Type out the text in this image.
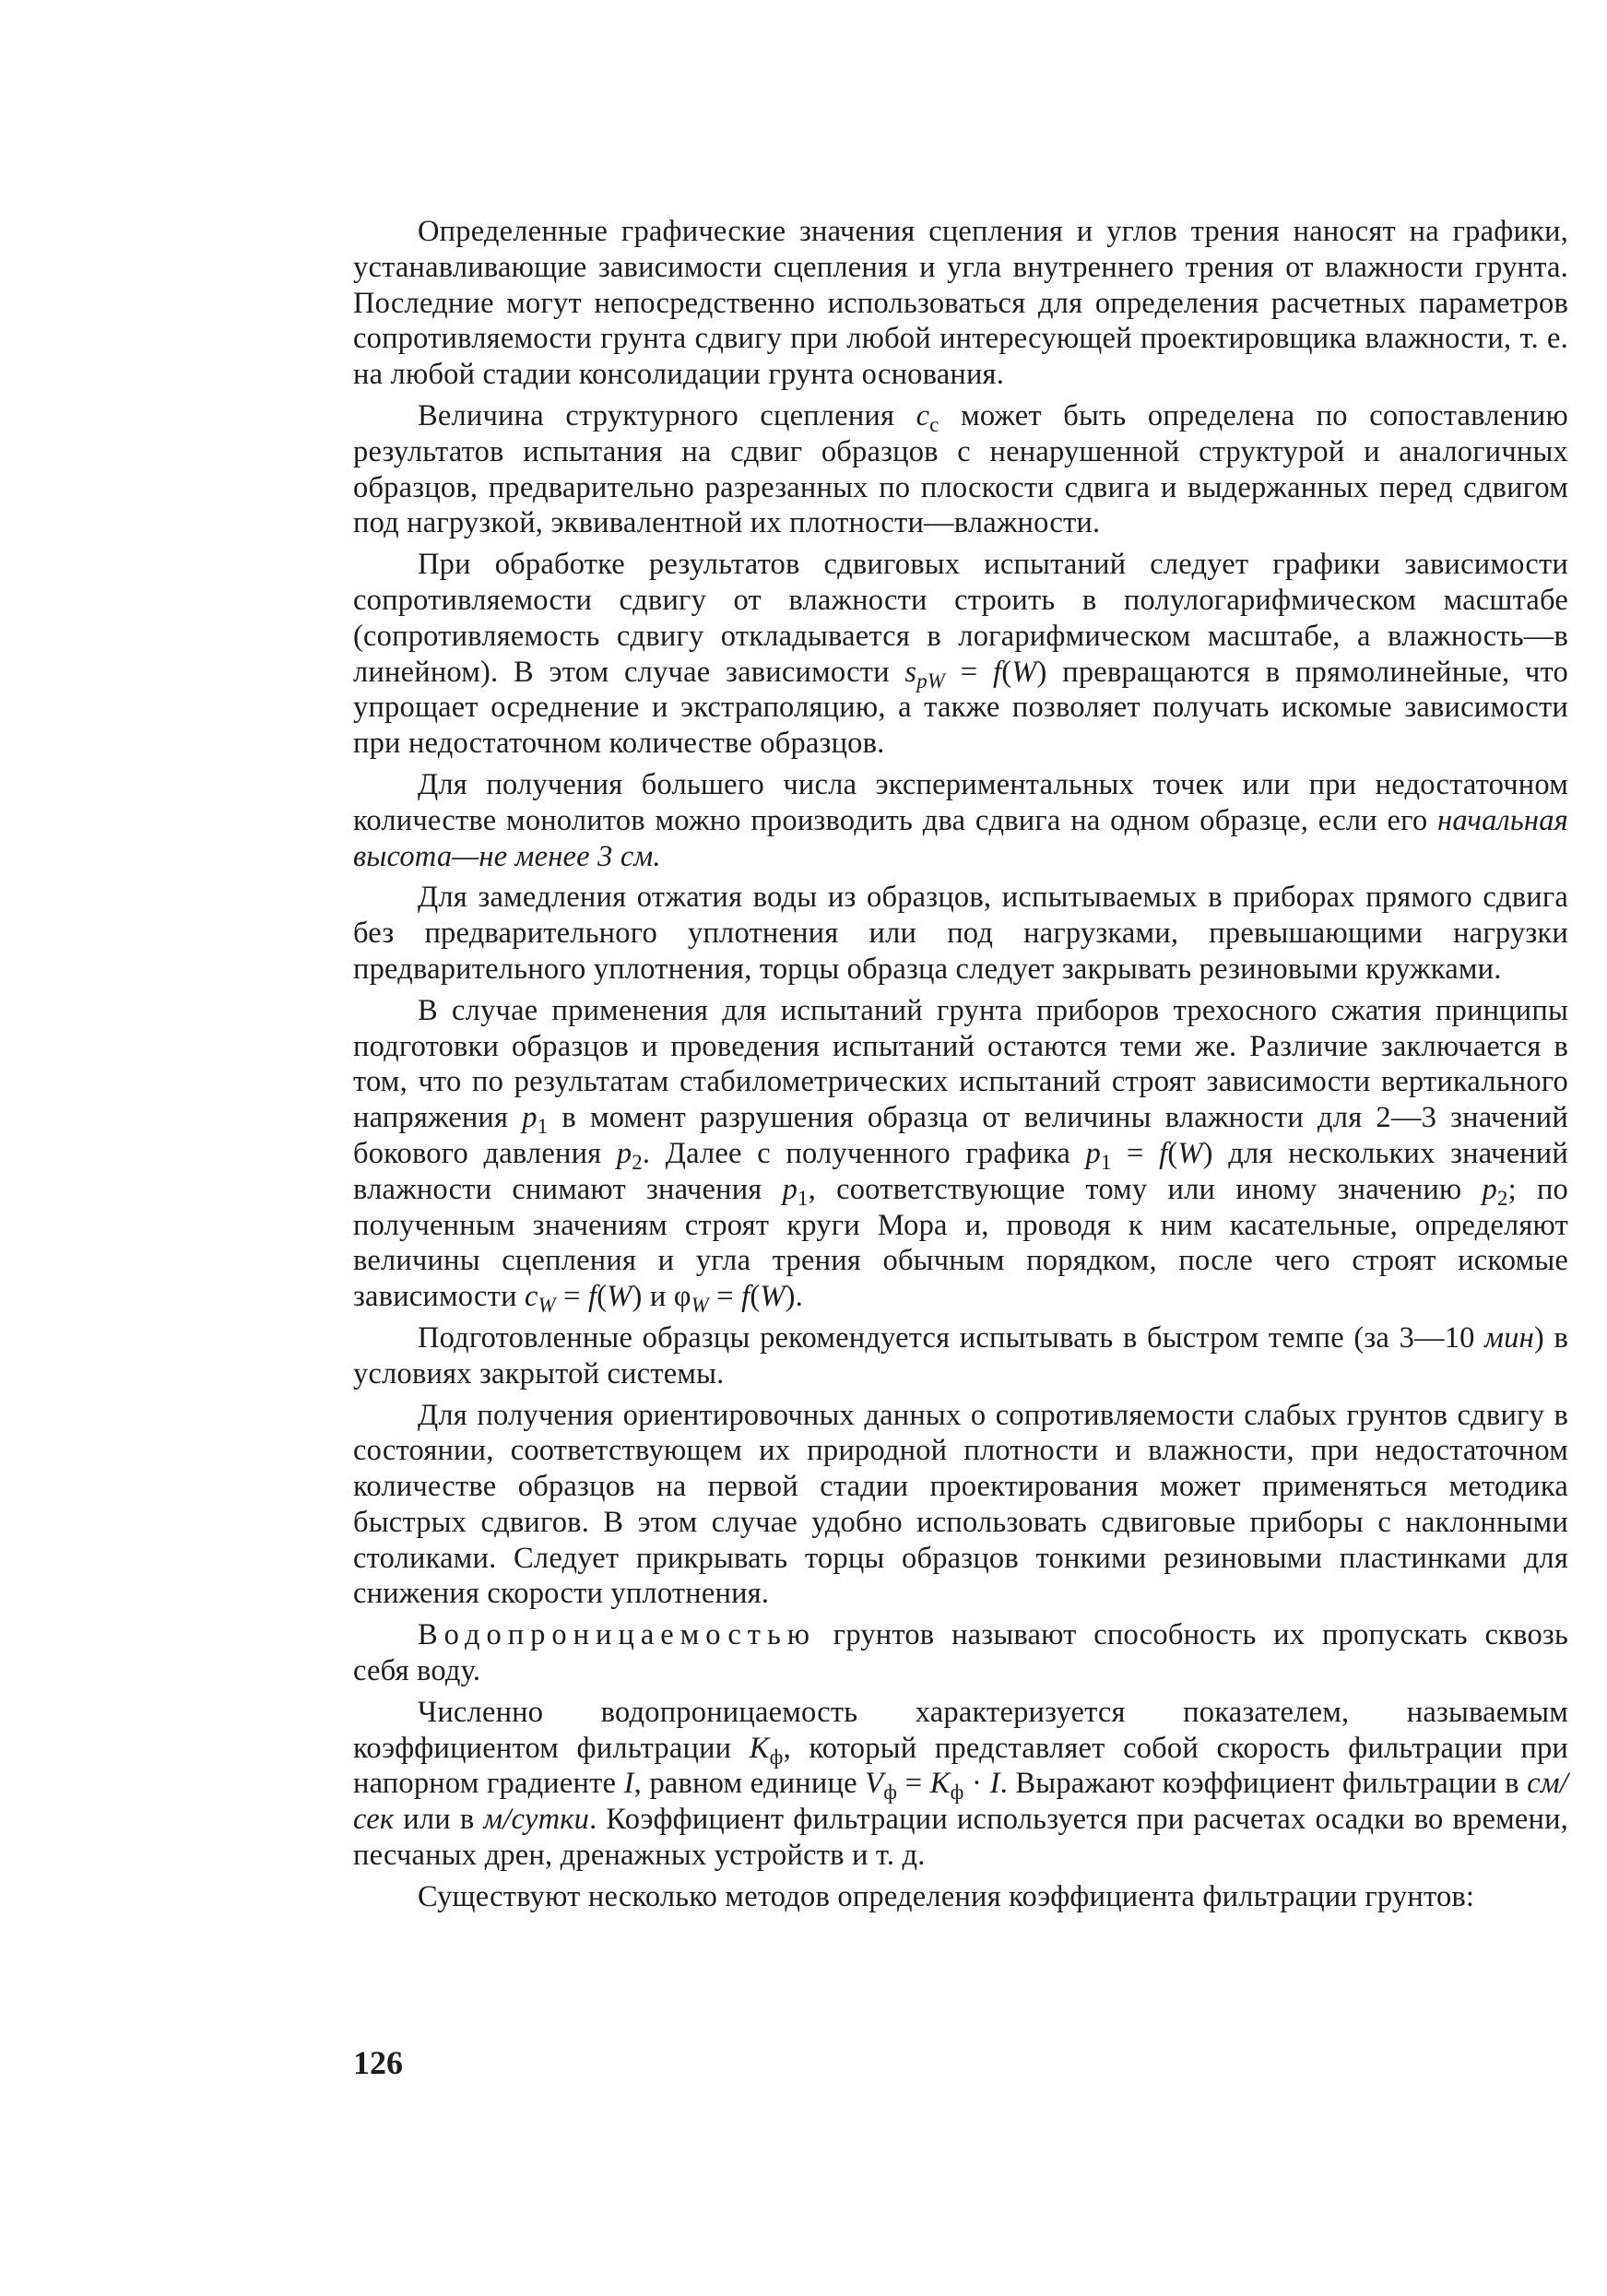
Определенные графические значения сцепления и углов трения наносят на графики, устанавливающие зависимости сцепления и угла внутреннего трения от влажности грунта. Последние могут непосредственно использоваться для определения расчетных параметров сопротивляемости грунта сдвигу при любой интересующей проектировщика влажности, т. е. на любой стадии консолидации грунта основания.

Величина структурного сцепления $c_c$ может быть определена по сопоставлению результатов испытания на сдвиг образцов с ненарушенной структурой и аналогичных образцов, предварительно разрезанных по плоскости сдвига и выдержанных перед сдвигом под нагрузкой, эквивалентной их плотности—влажности.

При обработке результатов сдвиговых испытаний следует графики зависимости сопротивляемости сдвигу от влажности строить в полулогарифмическом масштабе (сопротивляемость сдвигу откладывается в логарифмическом масштабе, а влажность—в линейном). В этом случае зависимости $s_{pW} = f(W)$ превращаются в прямолинейные, что упрощает осреднение и экстраполяцию, а также позволяет получать искомые зависимости при недостаточном количестве образцов.

Для получения большего числа экспериментальных точек или при недостаточном количестве монолитов можно производить два сдвига на одном образце, если его начальная высота—не менее 3 см.

Для замедления отжатия воды из образцов, испытываемых в приборах прямого сдвига без предварительного уплотнения или под нагрузками, превышающими нагрузки предварительного уплотнения, торцы образца следует закрывать резиновыми кружками.

В случае применения для испытаний грунта приборов трехосного сжатия принципы подготовки образцов и проведения испытаний остаются теми же. Различие заключается в том, что по результатам стабилометрических испытаний строят зависимости вертикального напряжения $p_1$ в момент разрушения образца от величины влажности для 2—3 значений бокового давления $p_2$. Далее с полученного графика $p_1 = f(W)$ для нескольких значений влажности снимают значения $p_1$, соответствующие тому или иному значению $p_2$; по полученным значениям строят круги Мора и, проводя к ним касательные, определяют величины сцепления и угла трения обычным порядком, после чего строят искомые зависимости $c_W = f(W)$ и $\varphi_W = f(W)$.

Подготовленные образцы рекомендуется испытывать в быстром темпе (за 3—10 мин) в условиях закрытой системы.

Для получения ориентировочных данных о сопротивляемости слабых грунтов сдвигу в состоянии, соответствующем их природной плотности и влажности, при недостаточном количестве образцов на первой стадии проектирования может применяться методика быстрых сдвигов. В этом случае удобно использовать сдвиговые приборы с наклонными столиками. Следует прикрывать торцы образцов тонкими резиновыми пластинками для снижения скорости уплотнения.

Водопроницаемостью грунтов называют способность их пропускать сквозь себя воду.

Численно водопроницаемость характеризуется показателем, называемым коэффициентом фильтрации $K_ф$, который представляет собой скорость фильтрации при напорном градиенте I, равном единице $V_ф = K_ф \cdot I$. Выражают коэффициент фильтрации в см/сек или в м/сутки. Коэффициент фильтрации используется при расчетах осадки во времени, песчаных дрен, дренажных устройств и т. д.

Существуют несколько методов определения коэффициента фильтрации грунтов:

126
